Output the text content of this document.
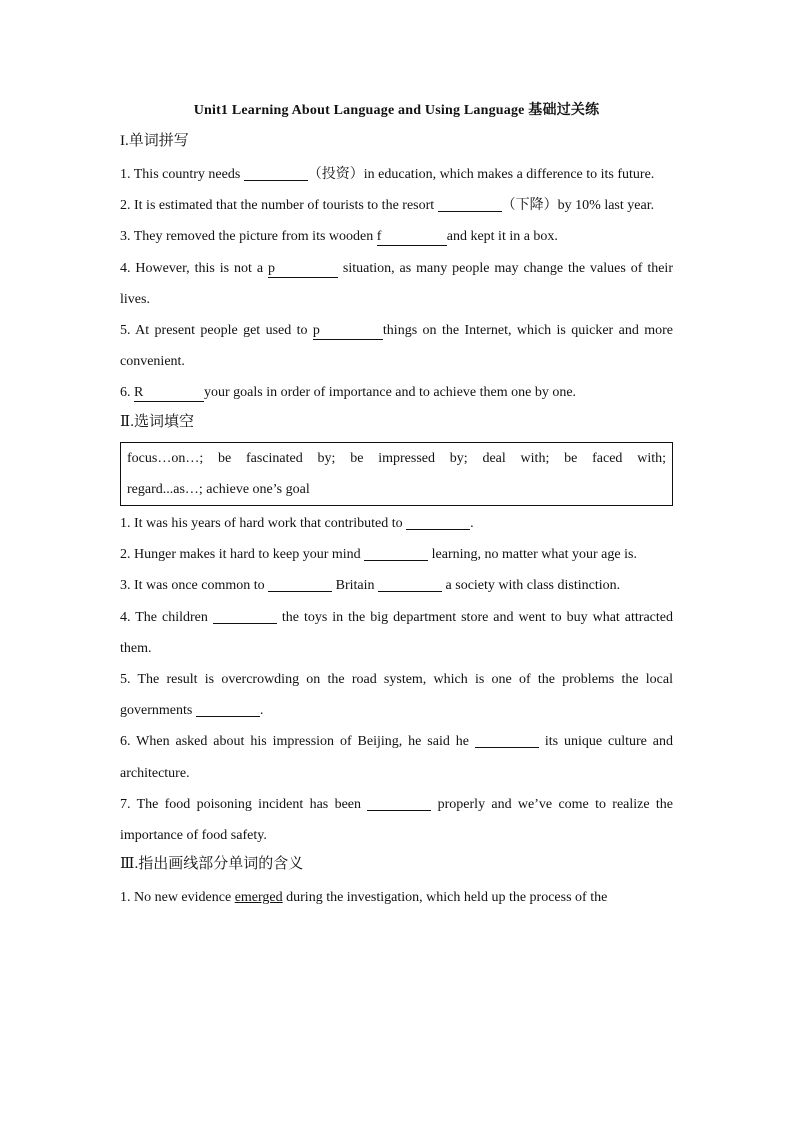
Unit1 Learning About Language and Using Language 基础过关练
I.单词拼写
1. This country needs	（投资）in education, which makes a difference to its future.
2. It is estimated that the number of tourists to the resort	（下降）by 10% last year.
3. They removed the picture from its wooden f	and kept it in a box.
4. However, this is not a p	situation, as many people may change the values of their lives.
5. At present people get used to p	things on the Internet, which is quicker and more convenient.
6. R	your goals in order of importance and to achieve them one by one.
Ⅱ.选词填空
focus…on…; be fascinated by; be impressed by; deal with; be faced with;
regard...as…; achieve one’s goal
1. It was his years of hard work that contributed to	.
2. Hunger makes it hard to keep your mind	learning, no matter what your age is.
3. It was once common to	Britain	a society with class distinction.
4. The children	the toys in the big department store and went to buy what attracted them.
5. The result is overcrowding on the road system, which is one of the problems the local governments	.
6. When asked about his impression of Beijing, he said he	its unique culture and architecture.
7. The food poisoning incident has been	properly and we’ve come to realize the importance of food safety.
Ⅲ.指出画线部分单词的含义
1. No new evidence emerged during the investigation, which held up the process of the
